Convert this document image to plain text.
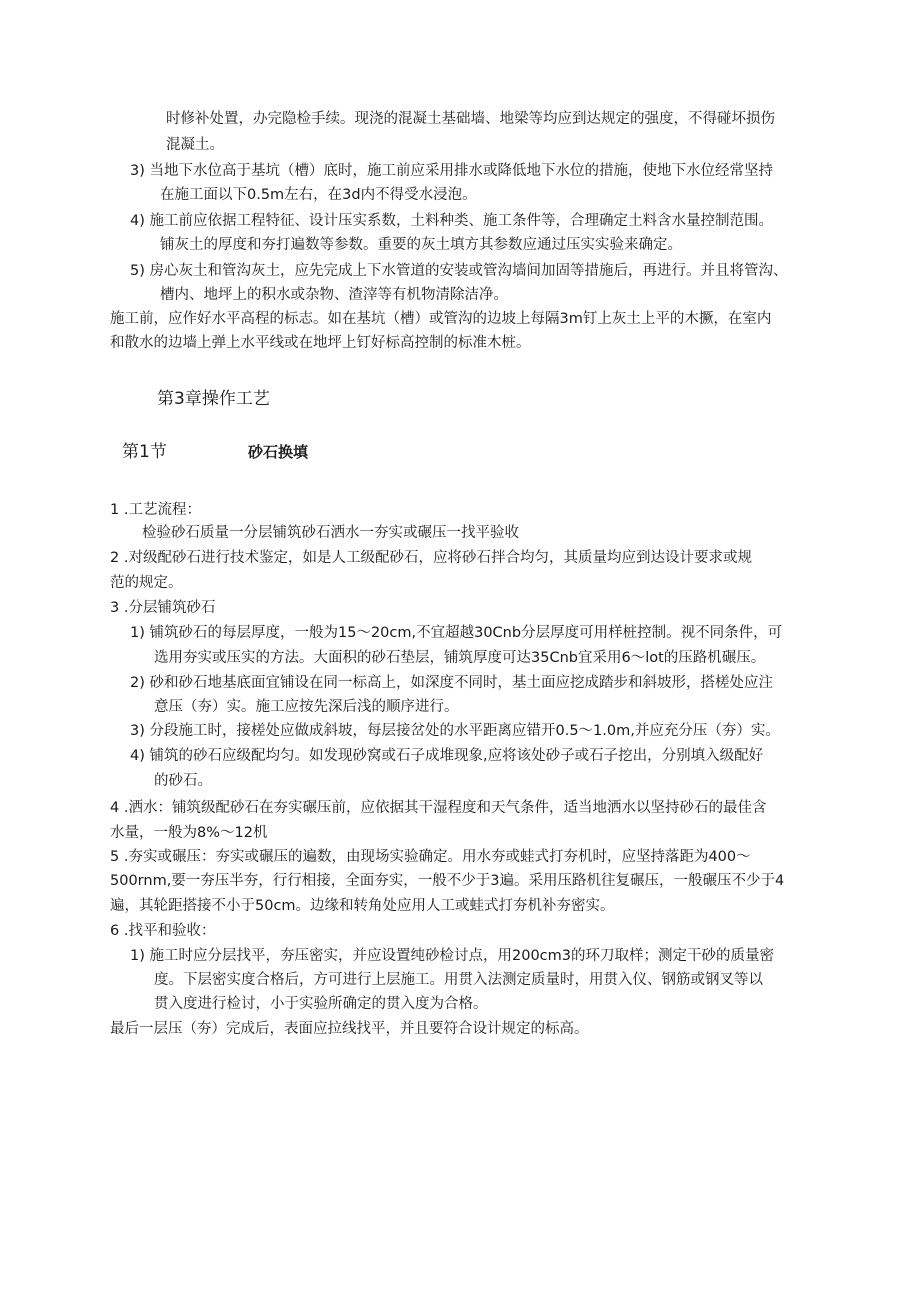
时修补处置，办完隐检手续。现浇的混凝土基础墙、地梁等均应到达规定的强度，不得碰坏损伤
混凝土。
3) 当地下水位高于基坑（槽）底时，施工前应采用排水或降低地下水位的措施，使地下水位经常坚持
在施工面以下0.5m左右，在3d内不得受水浸泡。
4) 施工前应依据工程特征、设计压实系数，土料种类、施工条件等，合理确定土料含水量控制范围。
铺灰土的厚度和夯打遍数等参数。重要的灰土填方其参数应通过压实实验来确定。
5) 房心灰土和管沟灰土，应先完成上下水管道的安装或管沟墙间加固等措施后，再进行。并且将管沟、
槽内、地坪上的积水或杂物、渣滓等有机物清除洁净。
施工前，应作好水平高程的标志。如在基坑（槽）或管沟的边坡上每隔3m钉上灰土上平的木撅，在室内
和散水的边墙上弹上水平线或在地坪上钉好标高控制的标准木桩。
第3章操作工艺
第1节	砂石换填
1 .工艺流程：
检验砂石质量一分层铺筑砂石洒水一夯实或碾压一找平验收
2 .对级配砂石进行技术鉴定，如是人工级配砂石，应将砂石拌合均匀，其质量均应到达设计要求或规
范的规定。
3 .分层铺筑砂石
1) 铺筑砂石的每层厚度，一般为15〜20cm,不宜超越30Cnb分层厚度可用样桩控制。视不同条件，可
选用夯实或压实的方法。大面积的砂石垫层，铺筑厚度可达35Cnb宜采用6〜lot的压路机碾压。
2) 砂和砂石地基底面宜铺设在同一标高上，如深度不同时，基土面应挖成踏步和斜坡形，搭槎处应注
意压（夯）实。施工应按先深后浅的顺序进行。
3) 分段施工时，接槎处应做成斜坡，每层接岔处的水平距离应错开0.5〜1.0m,并应充分压（夯）实。
4) 铺筑的砂石应级配均匀。如发现砂窝或石子成堆现象,应将该处砂子或石子挖出，分别填入级配好
的砂石。
4 .洒水：铺筑级配砂石在夯实碾压前，应依据其干湿程度和天气条件，适当地洒水以坚持砂石的最佳含
水量，一般为8%〜12机
5 .夯实或碾压：夯实或碾压的遍数，由现场实验确定。用水夯或蛙式打夯机时，应坚持落距为400〜
500rnm,要一夯压半夯，行行相接，全面夯实，一般不少于3遍。采用压路机往复碾压，一般碾压不少于4
遍，其轮距搭接不小于50cm。边缘和转角处应用人工或蛙式打夯机补夯密实。
6 .找平和验收：
1) 施工时应分层找平，夯压密实，并应设置纯砂检讨点，用200cm3的环刀取样；测定干砂的质量密
度。下层密实度合格后，方可进行上层施工。用贯入法测定质量时，用贯入仪、钢筋或钢叉等以
贯入度进行检讨，小于实验所确定的贯入度为合格。
最后一层压（夯）完成后，表面应拉线找平，并且要符合设计规定的标高。
